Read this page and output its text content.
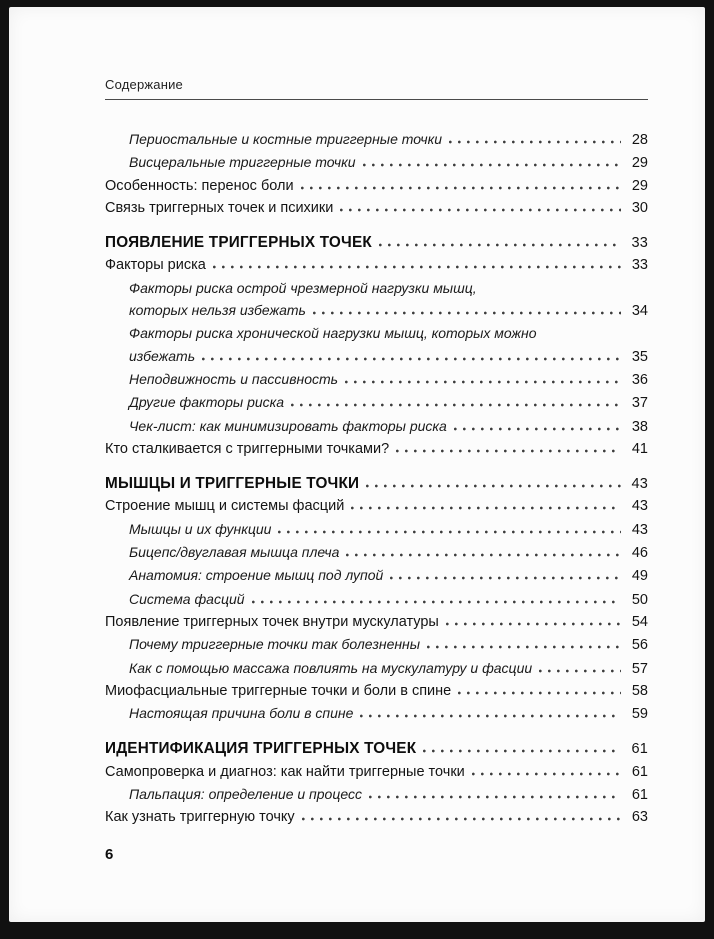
Содержание
Периостальные и костные триггерные точки	28
Висцеральные триггерные точки	29
Особенность: перенос боли	29
Связь триггерных точек и психики	30
ПОЯВЛЕНИЕ ТРИГГЕРНЫХ ТОЧЕК	33
Факторы риска	33
Факторы риска острой чрезмерной нагрузки мышц,
которых нельзя избежать	34
Факторы риска хронической нагрузки мышц, которых можно
избежать	35
Неподвижность и пассивность	36
Другие факторы риска	37
Чек-лист: как минимизировать факторы риска	38
Кто сталкивается с триггерными точками?	41
МЫШЦЫ И ТРИГГЕРНЫЕ ТОЧКИ	43
Строение мышц и системы фасций	43
Мышцы и их функции	43
Бицепс/двуглавая мышца плеча	46
Анатомия: строение мышц под лупой	49
Система фасций	50
Появление триггерных точек внутри мускулатуры	54
Почему триггерные точки так болезненны	56
Как с помощью массажа повлиять на мускулатуру и фасции	57
Миофасциальные триггерные точки и боли в спине	58
Настоящая причина боли в спине	59
ИДЕНТИФИКАЦИЯ ТРИГГЕРНЫХ ТОЧЕК	61
Самопроверка и диагноз: как найти триггерные точки	61
Пальпация: определение и процесс	61
Как узнать триггерную точку	63
6
